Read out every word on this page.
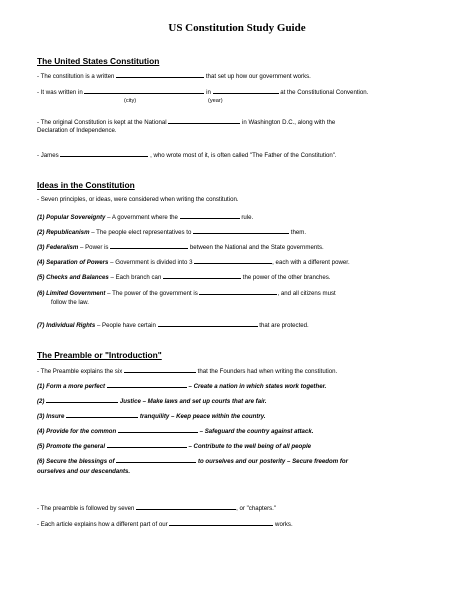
US Constitution Study Guide
The United States Constitution
- The constitution is a written	that set up how our government works.
- It was written in	in	at the Constitutional Convention.
(city)	(year)
- The original Constitution is kept at the National	in Washington D.C., along with the
Declaration of Independence.
- James	, who wrote most of it, is often called "The Father of the Constitution".
Ideas in the Constitution
- Seven principles, or ideas, were considered when writing the constitution.
(1) Popular Sovereignty – A government where the	rule.
(2) Republicanism – The people elect representatives to	them.
(3) Federalism – Power is	between the National and the State governments.
(4) Separation of Powers – Government is divided into 3	, each with a different power.
(5) Checks and Balances – Each branch can	the power of the other branches.
(6) Limited Government – The power of the government is	, and all citizens must
follow the law.
(7) Individual Rights – People have certain	that are protected.
The Preamble or "Introduction"
- The Preamble explains the six	that the Founders had when writing the constitution.
(1) Form a more perfect	– Create a nation in which states work together.
(2)	Justice – Make laws and set up courts that are fair.
(3) Insure	tranquility – Keep peace within the country.
(4) Provide for the common	– Safeguard the country against attack.
(5) Promote the general	– Contribute to the well being of all people
(6) Secure the blessings of	to ourselves and our posterity – Secure freedom for
ourselves and our descendants.
- The preamble is followed by seven	, or "chapters."
- Each article explains how a different part of our	works.
